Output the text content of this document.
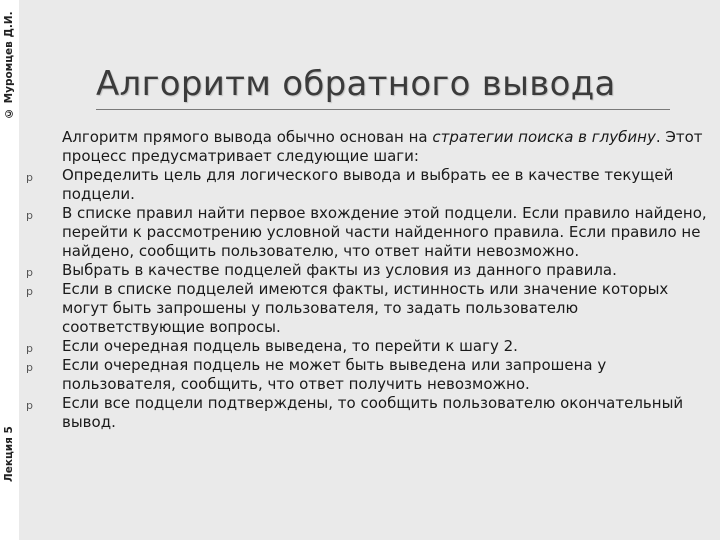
© Муромцев Д.И.
Лекция 5
Алгоритм обратного вывода

Алгоритм прямого вывода обычно основан на стратегии поиска в глубину. Этот процесс предусматривает следующие шаги:

p Определить цель для логического вывода и выбрать ее в качестве текущей подцели.
p В списке правил найти первое вхождение этой подцели. Если правило найдено, перейти к рассмотрению условной части найденного правила. Если правило не найдено, сообщить пользователю, что ответ найти невозможно.
p Выбрать в качестве подцелей факты из условия из данного правила.
p Если в списке подцелей имеются факты, истинность или значение которых могут быть запрошены у пользователя, то задать пользователю соответствующие вопросы.
p Если очередная подцель выведена, то перейти к шагу 2.
p Если очередная подцель не может быть выведена или запрошена у пользователя, сообщить, что ответ получить невозможно.
p Если все подцели подтверждены, то сообщить пользователю окончательный вывод.
